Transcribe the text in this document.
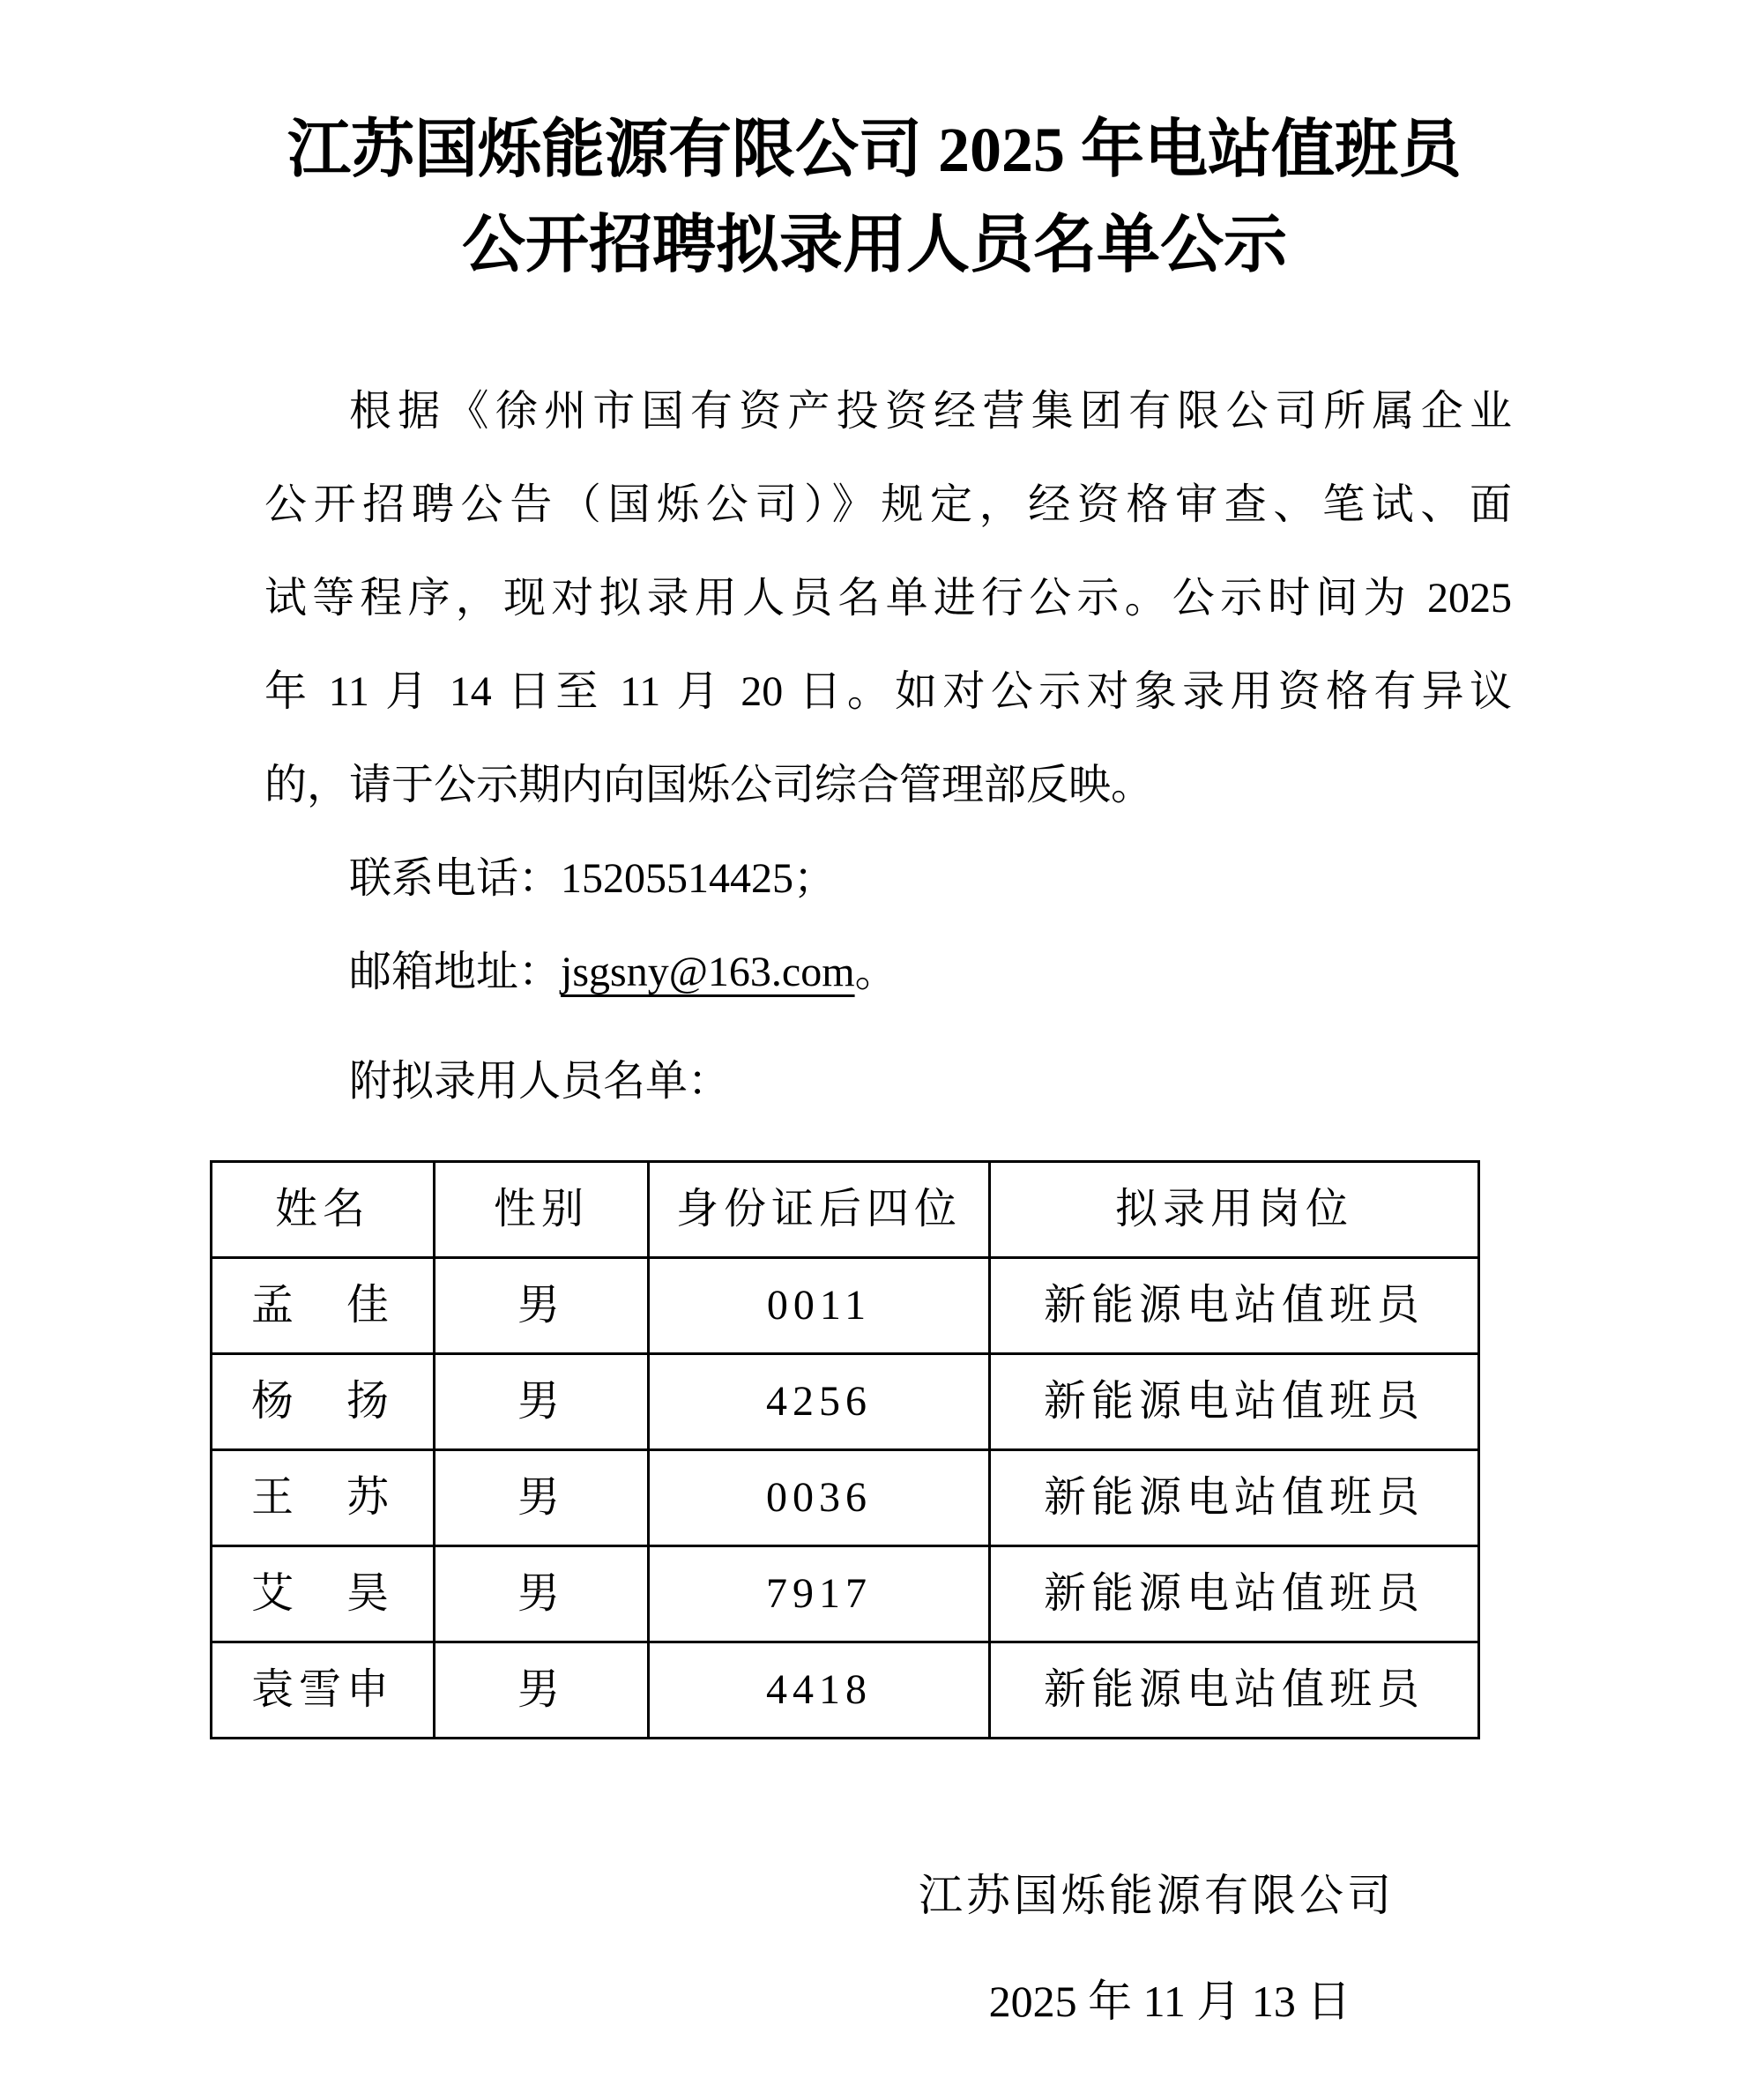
江苏国烁能源有限公司 2025 年电站值班员
公开招聘拟录用人员名单公示
根据《徐州市国有资产投资经营集团有限公司所属企业
公开招聘公告（国烁公司）》规定，经资格审查、笔试、面
试等程序，现对拟录用人员名单进行公示。公示时间为 2025
年 11 月 14 日至 11 月 20 日。如对公示对象录用资格有异议
的，请于公示期内向国烁公司综合管理部反映。
联系电话：15205514425；
邮箱地址：jsgsny@163.com。
附拟录用人员名单：
姓名	性别	身份证后四位	拟录用岗位
孟　佳	男	0011	新能源电站值班员
杨　扬	男	4256	新能源电站值班员
王　苏	男	0036	新能源电站值班员
艾　昊	男	7917	新能源电站值班员
袁雪申	男	4418	新能源电站值班员
江苏国烁能源有限公司
2025 年 11 月 13 日
